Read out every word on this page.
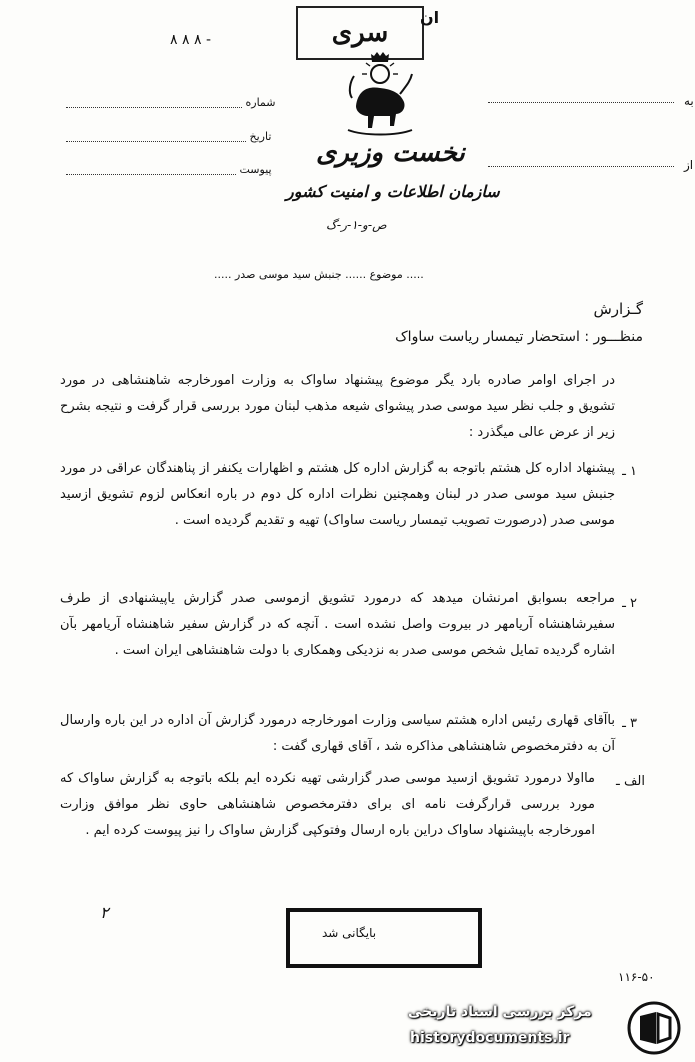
سری
ان
- ٨ ٨ ٨
به
از
شماره
تاریخ
پیوست
نخست وزیری
سازمان اطلاعات و امنیت کشور
ص-و-۱-ر-گ
..... موضوع ...... جنبش سید موسی صدر .....
گـزارش
منظـــور : استحضار تیمسار ریاست ساواک
در اجرای اوامر صادره بارد یگر موضوع پیشنهاد ساواک به وزارت امورخارجه شاهنشاهی در مورد تشویق و جلب نظر سید موسی صدر پیشوای شیعه مذهب لبنان مورد بررسی قرار گرفت و نتیجه بشرح زیر از عرض عالی میگذرد :
۱ ـ
پیشنهاد اداره کل هشتم باتوجه به گزارش اداره کل هشتم و اظهارات یکنفر از پناهندگان عراقی در مورد جنبش سید موسی صدر در لبنان وهمچنین نظرات اداره کل دوم در باره انعکاس لزوم تشویق ازسید موسی صدر (درصورت تصویب تیمسار ریاست ساواک) تهیه و تقدیم گردیده است .
۲ ـ
مراجعه بسوابق امرنشان میدهد که درمورد تشویق ازموسی صدر گزارش یاپیشنهادی از طرف سفیرشاهنشاه آریامهر در بیروت واصل نشده است . آنچه که در گزارش سفیر شاهنشاه آریامهر بآن اشاره گردیده تمایل شخص موسی صدر به نزدیکی وهمکاری با دولت شاهنشاهی ایران است .
۳ ـ
باآقای قهاری رئیس اداره هشتم سیاسی وزارت امورخارجه درمورد گزارش آن اداره در این باره وارسال آن به دفترمخصوص شاهنشاهی مذاکره شد ، آقای قهاری گفت :
الف ـ
مااولا درمورد تشویق ازسید موسی صدر گزارشی تهیه نکرده ایم بلکه باتوجه به گزارش ساواک که مورد بررسی قرارگرفت نامه ای برای دفترمخصوص شاهنشاهی حاوی نظر موافق وزارت امورخارجه باپیشنهاد ساواک دراین باره ارسال وفتوکپی گزارش ساواک را نیز پیوست کرده ایم .
بایگانی شد
۲
۱۱۶-۵۰
مرکز بررسی اسناد تاریخی
historydocuments.ir
